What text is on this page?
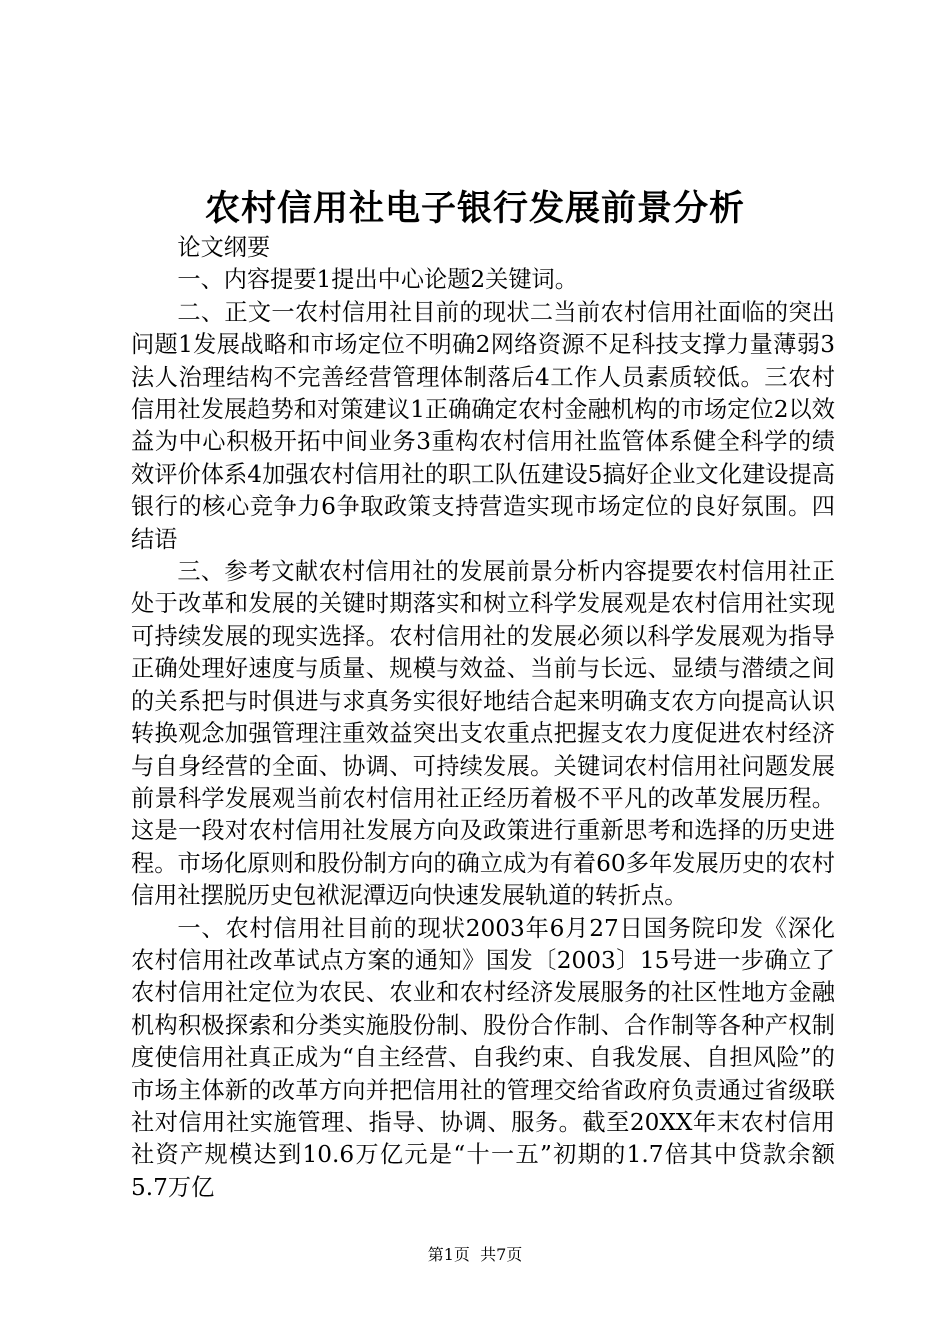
农村信用社电子银行发展前景分析

论文纲要

一、内容提要1提出中心论题2关键词。

二、正文一农村信用社目前的现状二当前农村信用社面临的突出问题1发展战略和市场定位不明确2网络资源不足科技支撑力量薄弱3法人治理结构不完善经营管理体制落后4工作人员素质较低。三农村信用社发展趋势和对策建议1正确确定农村金融机构的市场定位2以效益为中心积极开拓中间业务3重构农村信用社监管体系健全科学的绩效评价体系4加强农村信用社的职工队伍建设5搞好企业文化建设提高银行的核心竞争力6争取政策支持营造实现市场定位的良好氛围。四结语

三、参考文献农村信用社的发展前景分析内容提要农村信用社正处于改革和发展的关键时期落实和树立科学发展观是农村信用社实现可持续发展的现实选择。农村信用社的发展必须以科学发展观为指导正确处理好速度与质量、规模与效益、当前与长远、显绩与潜绩之间的关系把与时俱进与求真务实很好地结合起来明确支农方向提高认识转换观念加强管理注重效益突出支农重点把握支农力度促进农村经济与自身经营的全面、协调、可持续发展。关键词农村信用社问题发展前景科学发展观当前农村信用社正经历着极不平凡的改革发展历程。这是一段对农村信用社发展方向及政策进行重新思考和选择的历史进程。市场化原则和股份制方向的确立成为有着60多年发展历史的农村信用社摆脱历史包袱泥潭迈向快速发展轨道的转折点。

一、农村信用社目前的现状2003年6月27日国务院印发《深化农村信用社改革试点方案的通知》国发〔2003〕15号进一步确立了农村信用社定位为农民、农业和农村经济发展服务的社区性地方金融机构积极探索和分类实施股份制、股份合作制、合作制等各种产权制度使信用社真正成为“自主经营、自我约束、自我发展、自担风险”的市场主体新的改革方向并把信用社的管理交给省政府负责通过省级联社对信用社实施管理、指导、协调、服务。截至20XX年末农村信用社资产规模达到10.6万亿元是“十一五”初期的1.7倍其中贷款余额5.7万亿

第1页  共7页
